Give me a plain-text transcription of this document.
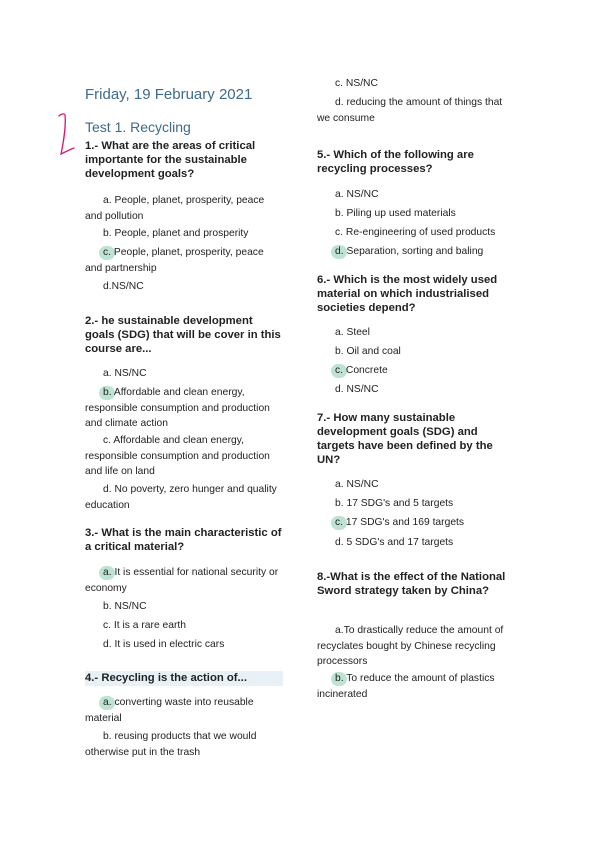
Friday, 19 February 2021
Test 1. Recycling

1.- What are the areas of critical importante for the sustainable development goals?

a. People, planet, prosperity, peace and pollution

b. People, planet and prosperity

c. People, planet, prosperity, peace and partnership

d.NS/NC

2.- he sustainable development goals (SDG) that will be cover in this course are...

a. NS/NC

b. Affordable and clean energy, responsible consumption and production and climate action

c. Affordable and clean energy, responsible consumption and production and life on land

d. No poverty, zero hunger and quality education

3.- What is the main characteristic of a critical material?

a. It is essential for national security or economy

b. NS/NC

c. It is a rare earth

d. It is used in electric cars

4.- Recycling is the action of...

a. converting waste into reusable material

b. reusing products that we would otherwise put in the trash

c. NS/NC

d. reducing the amount of things that we consume

5.- Which of the following are recycling processes?

a. NS/NC

b. Piling up used materials

c. Re-engineering of used products

d. Separation, sorting and baling

6.- Which is the most widely used material on which industrialised societies depend?

a. Steel

b. Oil and coal

c. Concrete

d. NS/NC

7.- How many sustainable development goals (SDG) and targets have been defined by the UN?

a. NS/NC

b. 17 SDG's and 5 targets

c. 17 SDG's and 169 targets

d. 5 SDG's and 17 targets

8.-What is the effect of the National Sword strategy taken by China?

a.To drastically reduce the amount of recyclates bought by Chinese recycling processors

b. To reduce the amount of plastics incinerated
